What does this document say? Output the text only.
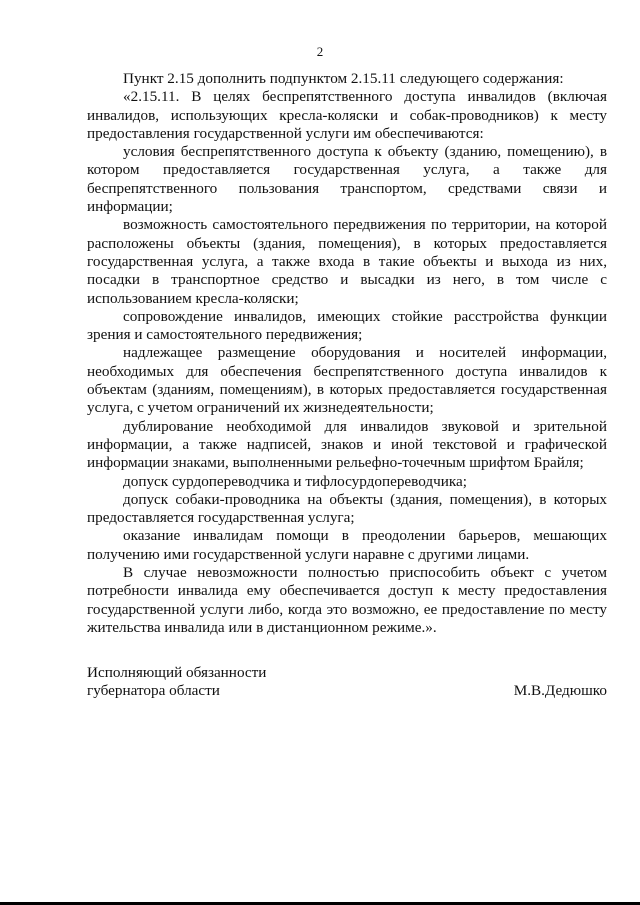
2

Пункт 2.15 дополнить подпунктом 2.15.11 следующего содержания:

«2.15.11. В целях беспрепятственного доступа инвалидов (включая инвалидов, использующих кресла-коляски и собак-проводников) к месту предоставления государственной услуги им обеспечиваются:

условия беспрепятственного доступа к объекту (зданию, помещению), в котором предоставляется государственная услуга, а также для беспрепятственного пользования транспортом, средствами связи и информации;

возможность самостоятельного передвижения по территории, на которой расположены объекты (здания, помещения), в которых предоставляется государственная услуга, а также входа в такие объекты и выхода из них, посадки в транспортное средство и высадки из него, в том числе с использованием кресла-коляски;

сопровождение инвалидов, имеющих стойкие расстройства функции зрения и самостоятельного передвижения;

надлежащее размещение оборудования и носителей информации, необходимых для обеспечения беспрепятственного доступа инвалидов к объектам (зданиям, помещениям), в которых предоставляется государственная услуга, с учетом ограничений их жизнедеятельности;

дублирование необходимой для инвалидов звуковой и зрительной информации, а также надписей, знаков и иной текстовой и графической информации знаками, выполненными рельефно-точечным шрифтом Брайля;

допуск сурдопереводчика и тифлосурдопереводчика;

допуск собаки-проводника на объекты (здания, помещения), в которых предоставляется государственная услуга;

оказание инвалидам помощи в преодолении барьеров, мешающих получению ими государственной услуги наравне с другими лицами.

В случае невозможности полностью приспособить объект с учетом потребности инвалида ему обеспечивается доступ к месту предоставления государственной услуги либо, когда это возможно, ее предоставление по месту жительства инвалида или в дистанционном режиме.».

Исполняющий обязанности
губернатора области	М.В.Дедюшко
